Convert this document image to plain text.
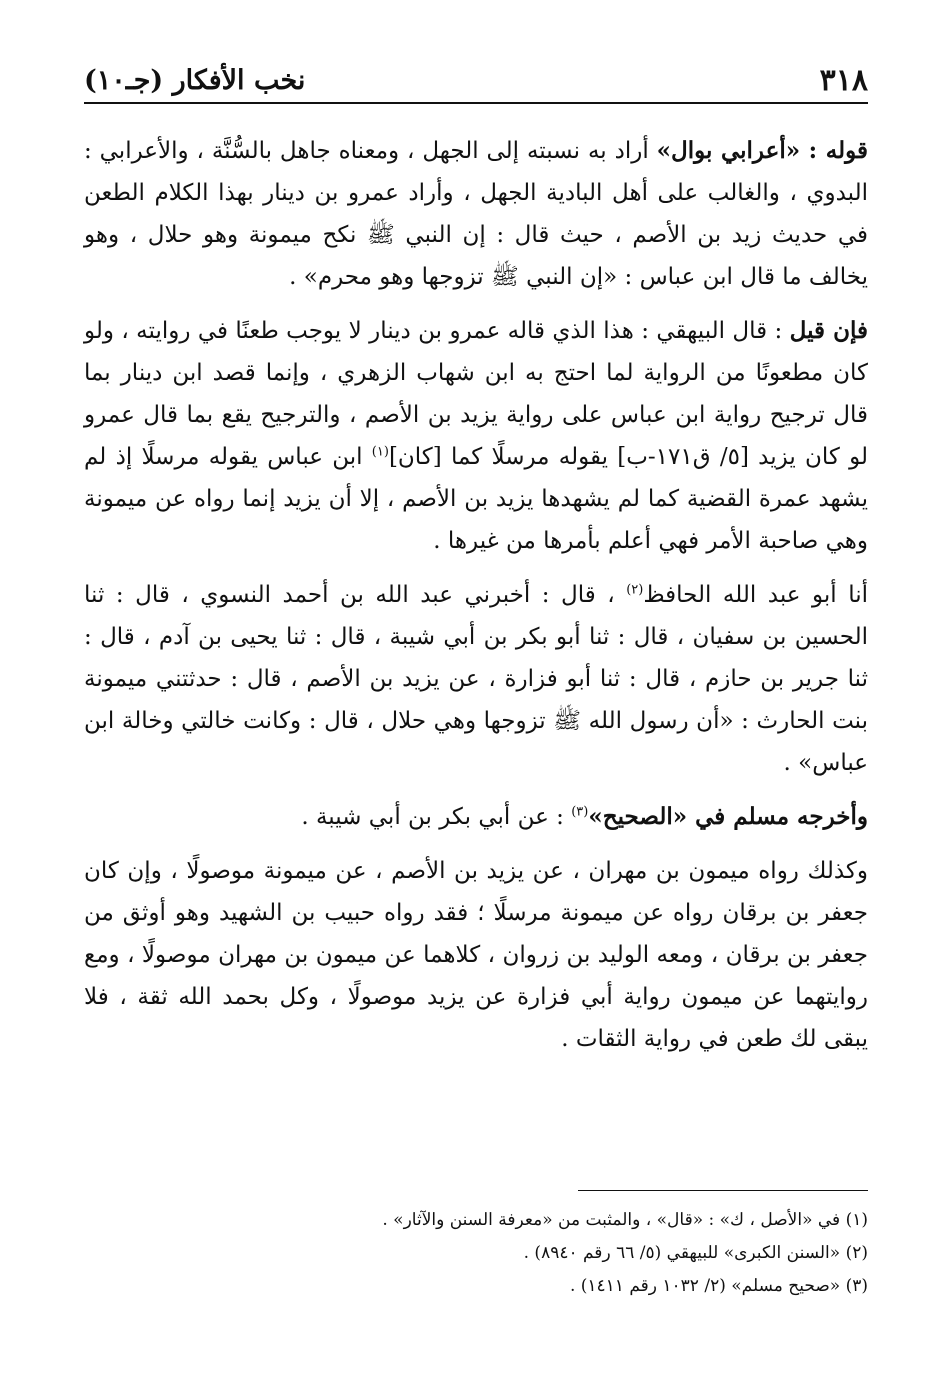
٣١٨
نخب الأفكار (جـ١٠)

قوله : «أعرابي بوال» أراد به نسبته إلى الجهل ، ومعناه جاهل بالسُّنَّة ، والأعرابي : البدوي ، والغالب على أهل البادية الجهل ، وأراد عمرو بن دينار بهذا الكلام الطعن في حديث زيد بن الأصم ، حيث قال : إن النبي ﷺ نكح ميمونة وهو حلال ، وهو يخالف ما قال ابن عباس : «إن النبي ﷺ تزوجها وهو محرم» .

فإن قيل : قال البيهقي : هذا الذي قاله عمرو بن دينار لا يوجب طعنًا في روايته ، ولو كان مطعونًا من الرواية لما احتج به ابن شهاب الزهري ، وإنما قصد ابن دينار بما قال ترجيح رواية ابن عباس على رواية يزيد بن الأصم ، والترجيح يقع بما قال عمرو لو كان يزيد [٥/ ق١٧١-ب] يقوله مرسلًا كما [كان]$^{(١)}$ ابن عباس يقوله مرسلًا إذ لم يشهد عمرة القضية كما لم يشهدها يزيد بن الأصم ، إلا أن يزيد إنما رواه عن ميمونة وهي صاحبة الأمر فهي أعلم بأمرها من غيرها .

أنا أبو عبد الله الحافظ$^{(٢)}$ ، قال : أخبرني عبد الله بن أحمد النسوي ، قال : ثنا الحسين بن سفيان ، قال : ثنا أبو بكر بن أبي شيبة ، قال : ثنا يحيى بن آدم ، قال : ثنا جرير بن حازم ، قال : ثنا أبو فزارة ، عن يزيد بن الأصم ، قال : حدثتني ميمونة بنت الحارث : «أن رسول الله ﷺ تزوجها وهي حلال ، قال : وكانت خالتي وخالة ابن عباس» .

وأخرجه مسلم في «الصحيح»$^{(٣)}$ : عن أبي بكر بن أبي شيبة .

وكذلك رواه ميمون بن مهران ، عن يزيد بن الأصم ، عن ميمونة موصولًا ، وإن كان جعفر بن برقان رواه عن ميمونة مرسلًا ؛ فقد رواه حبيب بن الشهيد وهو أوثق من جعفر بن برقان ، ومعه الوليد بن زروان ، كلاهما عن ميمون بن مهران موصولًا ، ومع روايتهما عن ميمون رواية أبي فزارة عن يزيد موصولًا ، وكل بحمد الله ثقة ، فلا يبقى لك طعن في رواية الثقات .

(١) في «الأصل ، ك» : «قال» ، والمثبت من «معرفة السنن والآثار» .
(٢) «السنن الكبرى» للبيهقي (٥/ ٦٦ رقم ٨٩٤٠) .
(٣) «صحيح مسلم» (٢/ ١٠٣٢ رقم ١٤١١) .
